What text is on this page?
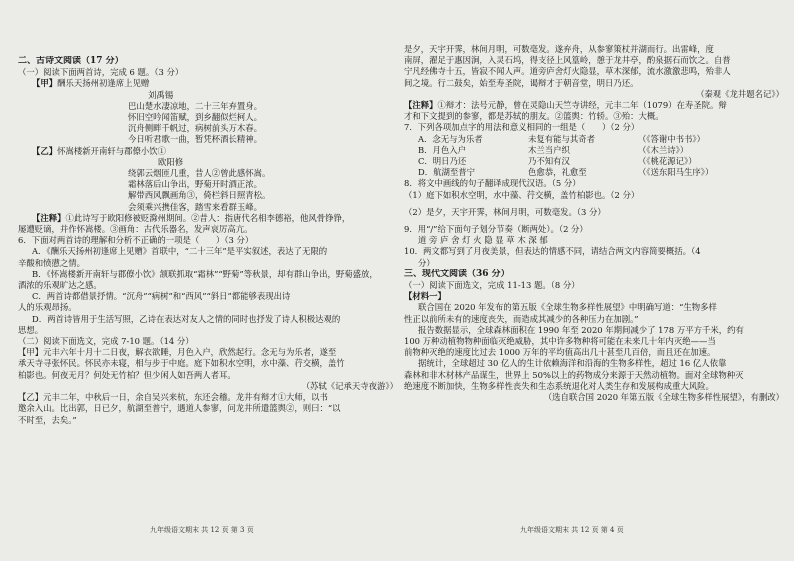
二、古诗文阅读（17 分）
（一）阅读下面两首诗，完成 6 题。（3 分）
【甲】酬乐天扬州初逢席上见赠
刘禹锡
巴山楚水凄凉地，二十三年弃置身。
怀旧空吟闻笛赋，到乡翻似烂柯人。
沉舟侧畔千帆过，病树前头万木春。
今日听君歌一曲，暂凭杯酒长精神。
【乙】怀嵩楼新开南轩与郡僚小饮①
欧阳修
绕郭云烟匝几重，昔人②曾此感怀嵩。
霜林落后山争出，野菊开时酒正浓。
解带西风飘画角③，倚栏斜日照青松。
会须乘兴携佳客，踏雪来看群玉峰。
【注释】①此诗写于欧阳修被贬滁州期间。②昔人：指唐代名相李德裕，他风骨铮铮，
屡遭贬谪，并作怀嵩楼。③画角：古代乐器名，发声哀厉高亢。
6．下面对两首诗的理解和分析不正确的一项是（　　）（3 分）
A．《酬乐天扬州初逢席上见赠》首联中，“二十三年”是平实叙述，表达了无限的
辛酸和愤懑之情。
B．《怀嵩楼新开南轩与郡僚小饮》颔联抓取“霜林”“野菊”等秋景，却有群山争出，野菊盛放，
酒浓的乐观旷达之感。
C．两首诗都借景抒情。“沉舟”“病树”和“西风”“斜日”都能够表现出诗
人的乐观昂扬。
D．两首诗皆用于生活写照，乙诗在表达对友人之情的同时也抒发了诗人积极达观的
思想。
（二）阅读下面选文，完成 7-10 题。（14 分）
【甲】元丰六年十月十二日夜，解衣欲睡，月色入户，欣然起行。念无与为乐者，遂至
承天寺寻张怀民。怀民亦未寝，相与步于中庭。庭下如积水空明，水中藻、荇交横，盖竹
柏影也。何夜无月？何处无竹柏？但少闲人如吾两人者耳。
（苏轼《记承天寺夜游》）
【乙】元丰二年，中秋后一日，余自吴兴来杭，东还会稽。龙井有辩才①大师，以书
邀余入山。比出郭，日已夕，航湖至普宁，遇道人参寥，问龙井所遣篮舆②，则曰：“以
不时至，去矣。”
是夕，天宇开霁，林间月明，可数毫发。遂弃舟，从参寥策杖并湖而行。出雷峰，度
南屏，濯足于惠因涧，入灵石坞，得支径上风篁岭，憩于龙井亭，酌泉据石而饮之。自普
宁凡经佛寺十五，皆寂不闻人声。道旁庐舍灯火隐显，草木深郁，流水激激悲鸣，殆非人
间之境。行二鼓矣，始至寿圣院，谒辩才于朝音堂，明日乃还。
（秦观《龙井题名记》）
【注释】①辩才：法号元静，曾在灵隐山天竺寺讲经，元丰二年（1079）在寿圣院。辩
才和下文提到的参寥，都是苏轼的朋友。②篮舆：竹轿。③殆：大概。
7．下列各项加点字的用法和意义相同的一组是（　　）（2 分）
A．念无与为乐者	未复有能与其奇者	（《答谢中书书》）
B．月色入户	木兰当户织	（《木兰诗》）
C．明日乃还	乃不知有汉	（《桃花源记》）
D．航湖至普宁	色愈恭，礼愈至	（《送东阳马生序》）
8．将文中画线的句子翻译成现代汉语。（5 分）
（1）庭下如积水空明，水中藻、荇交横，盖竹柏影也。（2 分）
（2）是夕，天宇开霁，林间月明，可数毫发。（3 分）
9．用“/”给下面句子划分节奏（断两处）。（2 分）
道 旁 庐 舍 灯 火 隐 显 草 木 深 郁
10．两文都写到了月夜美景，但表达的情感不同，请结合两文内容简要概括。（4
分）
三、现代文阅读（36 分）
（一）阅读下面选文，完成 11-13 题。（8 分）
【材料一】
联合国在 2020 年发布的第五版《全球生物多样性展望》中明确写道：“生物多样
性正以前所未有的速度丧失，而造成其减少的各种压力在加剧。”
报告数据显示，全球森林面积在 1990 年至 2020 年期间减少了 178 万平方千米，约有
100 万种动植物物种面临灭绝威胁，其中许多物种将可能在未来几十年内灭绝——当
前物种灭绝的速度比过去 1000 万年的平均值高出几十甚至几百倍，而且还在加速。
据统计，全球超过 30 亿人的生计依赖海洋和沿海的生物多样性，超过 16 亿人依靠
森林和非木材林产品谋生，世界上 50%以上的药物成分来源于天然动植物。面对全球物种灭
绝速度不断加快，生物多样性丧失和生态系统退化对人类生存和发展构成重大风险。
（选自联合国 2020 年第五版《全球生物多样性展望》，有删改）
九年级语文期末 共 12 页 第 3 页	九年级语文期末 共 12 页 第 4 页
